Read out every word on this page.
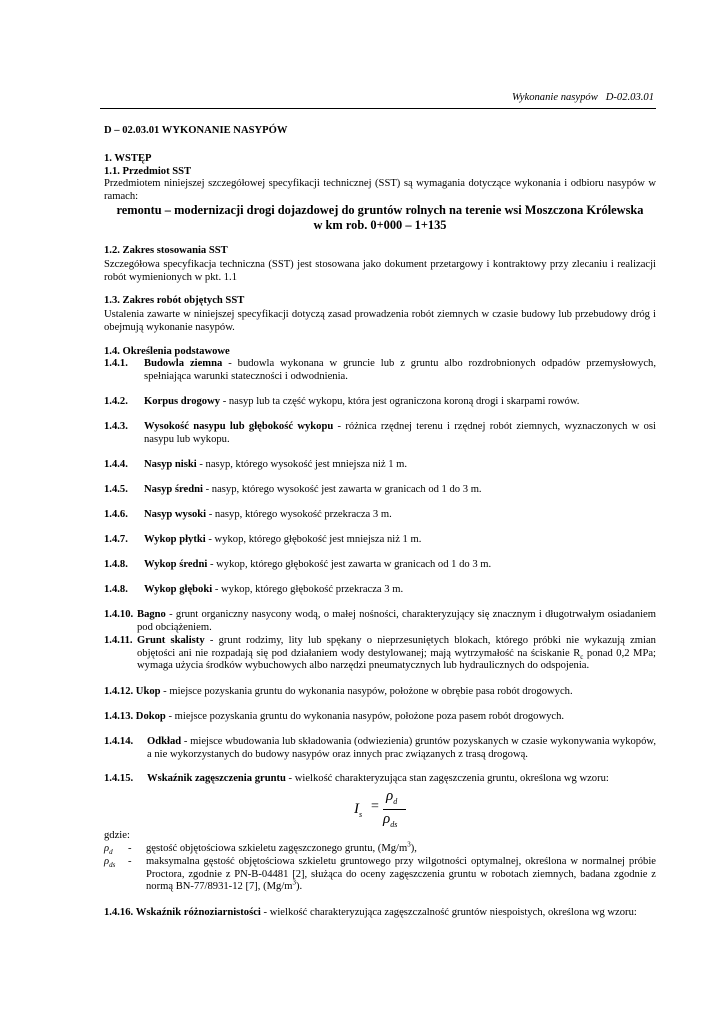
Wykonanie nasypów D-02.03.01
D – 02.03.01 WYKONANIE NASYPÓW
1. WSTĘP
1.1. Przedmiot SST
Przedmiotem niniejszej szczegółowej specyfikacji technicznej (SST) są wymagania dotyczące wykonania i odbioru nasypów w ramach:
remontu – modernizacji drogi dojazdowej do gruntów rolnych na terenie wsi Moszczona Królewska
w km rob. 0+000 – 1+135
1.2. Zakres stosowania SST
Szczegółowa specyfikacja techniczna (SST) jest stosowana jako dokument przetargowy i kontraktowy przy zlecaniu i realizacji robót wymienionych w pkt. 1.1
1.3. Zakres robót objętych SST
Ustalenia zawarte w niniejszej specyfikacji dotyczą zasad prowadzenia robót ziemnych w czasie budowy lub przebudowy dróg i obejmują wykonanie nasypów.
1.4. Określenia podstawowe
1.4.1.	Budowla ziemna - budowla wykonana w gruncie lub z gruntu albo rozdrobnionych odpadów przemysłowych, spełniająca warunki stateczności i odwodnienia.
1.4.2.	Korpus drogowy - nasyp lub ta część wykopu, która jest ograniczona koroną drogi i skarpami rowów.
1.4.3.	Wysokość nasypu lub głębokość wykopu - różnica rzędnej terenu i rzędnej robót ziemnych, wyznaczonych w osi nasypu lub wykopu.
1.4.4.	Nasyp niski - nasyp, którego wysokość jest mniejsza niż 1 m.
1.4.5.	Nasyp średni - nasyp, którego wysokość jest zawarta w granicach od 1 do 3 m.
1.4.6.	Nasyp wysoki - nasyp, którego wysokość przekracza 3 m.
1.4.7.	Wykop płytki - wykop, którego głębokość jest mniejsza niż 1 m.
1.4.8.	Wykop średni - wykop, którego głębokość jest zawarta w granicach od 1 do 3 m.
1.4.8.	Wykop głęboki - wykop, którego głębokość przekracza 3 m.
1.4.10. Bagno - grunt organiczny nasycony wodą, o małej nośności, charakteryzujący się znacznym i długotrwałym osiadaniem pod obciążeniem.
1.4.11. Grunt skalisty - grunt rodzimy, lity lub spękany o nieprzesuniętych blokach, którego próbki nie wykazują zmian objętości ani nie rozpadają się pod działaniem wody destylowanej; mają wytrzymałość na ściskanie $R_c$ ponad 0,2 MPa; wymaga użycia środków wybuchowych albo narzędzi pneumatycznych lub hydraulicznych do odspojenia.
1.4.12. Ukop - miejsce pozyskania gruntu do wykonania nasypów, położone w obrębie pasa robót drogowych.
1.4.13. Dokop - miejsce pozyskania gruntu do wykonania nasypów, położone poza pasem robót drogowych.
1.4.14.	Odkład - miejsce wbudowania lub składowania (odwiezienia) gruntów pozyskanych w czasie wykonywania wykopów, a nie wykorzystanych do budowy nasypów oraz innych prac związanych z trasą drogową.
1.4.15.	Wskaźnik zagęszczenia gruntu - wielkość charakteryzująca stan zagęszczenia gruntu, określona wg wzoru:
$I_s$
=
$\rho_d$
$\rho_{ds}$
gdzie:
$\rho_d$ - gęstość objętościowa szkieletu zagęszczonego gruntu, $(Mg/m^3)$,
$\rho_{ds}$ - maksymalna gęstość objętościowa szkieletu gruntowego przy wilgotności optymalnej, określona w normalnej próbie Proctora, zgodnie z PN-B-04481 [2], służąca do oceny zagęszczenia gruntu w robotach ziemnych, badana zgodnie z normą BN-77/8931-12 [7], $(Mg/m^3)$.
1.4.16. Wskaźnik różnoziarnistości - wielkość charakteryzująca zagęszczalność gruntów niespoistych, określona wg wzoru:
